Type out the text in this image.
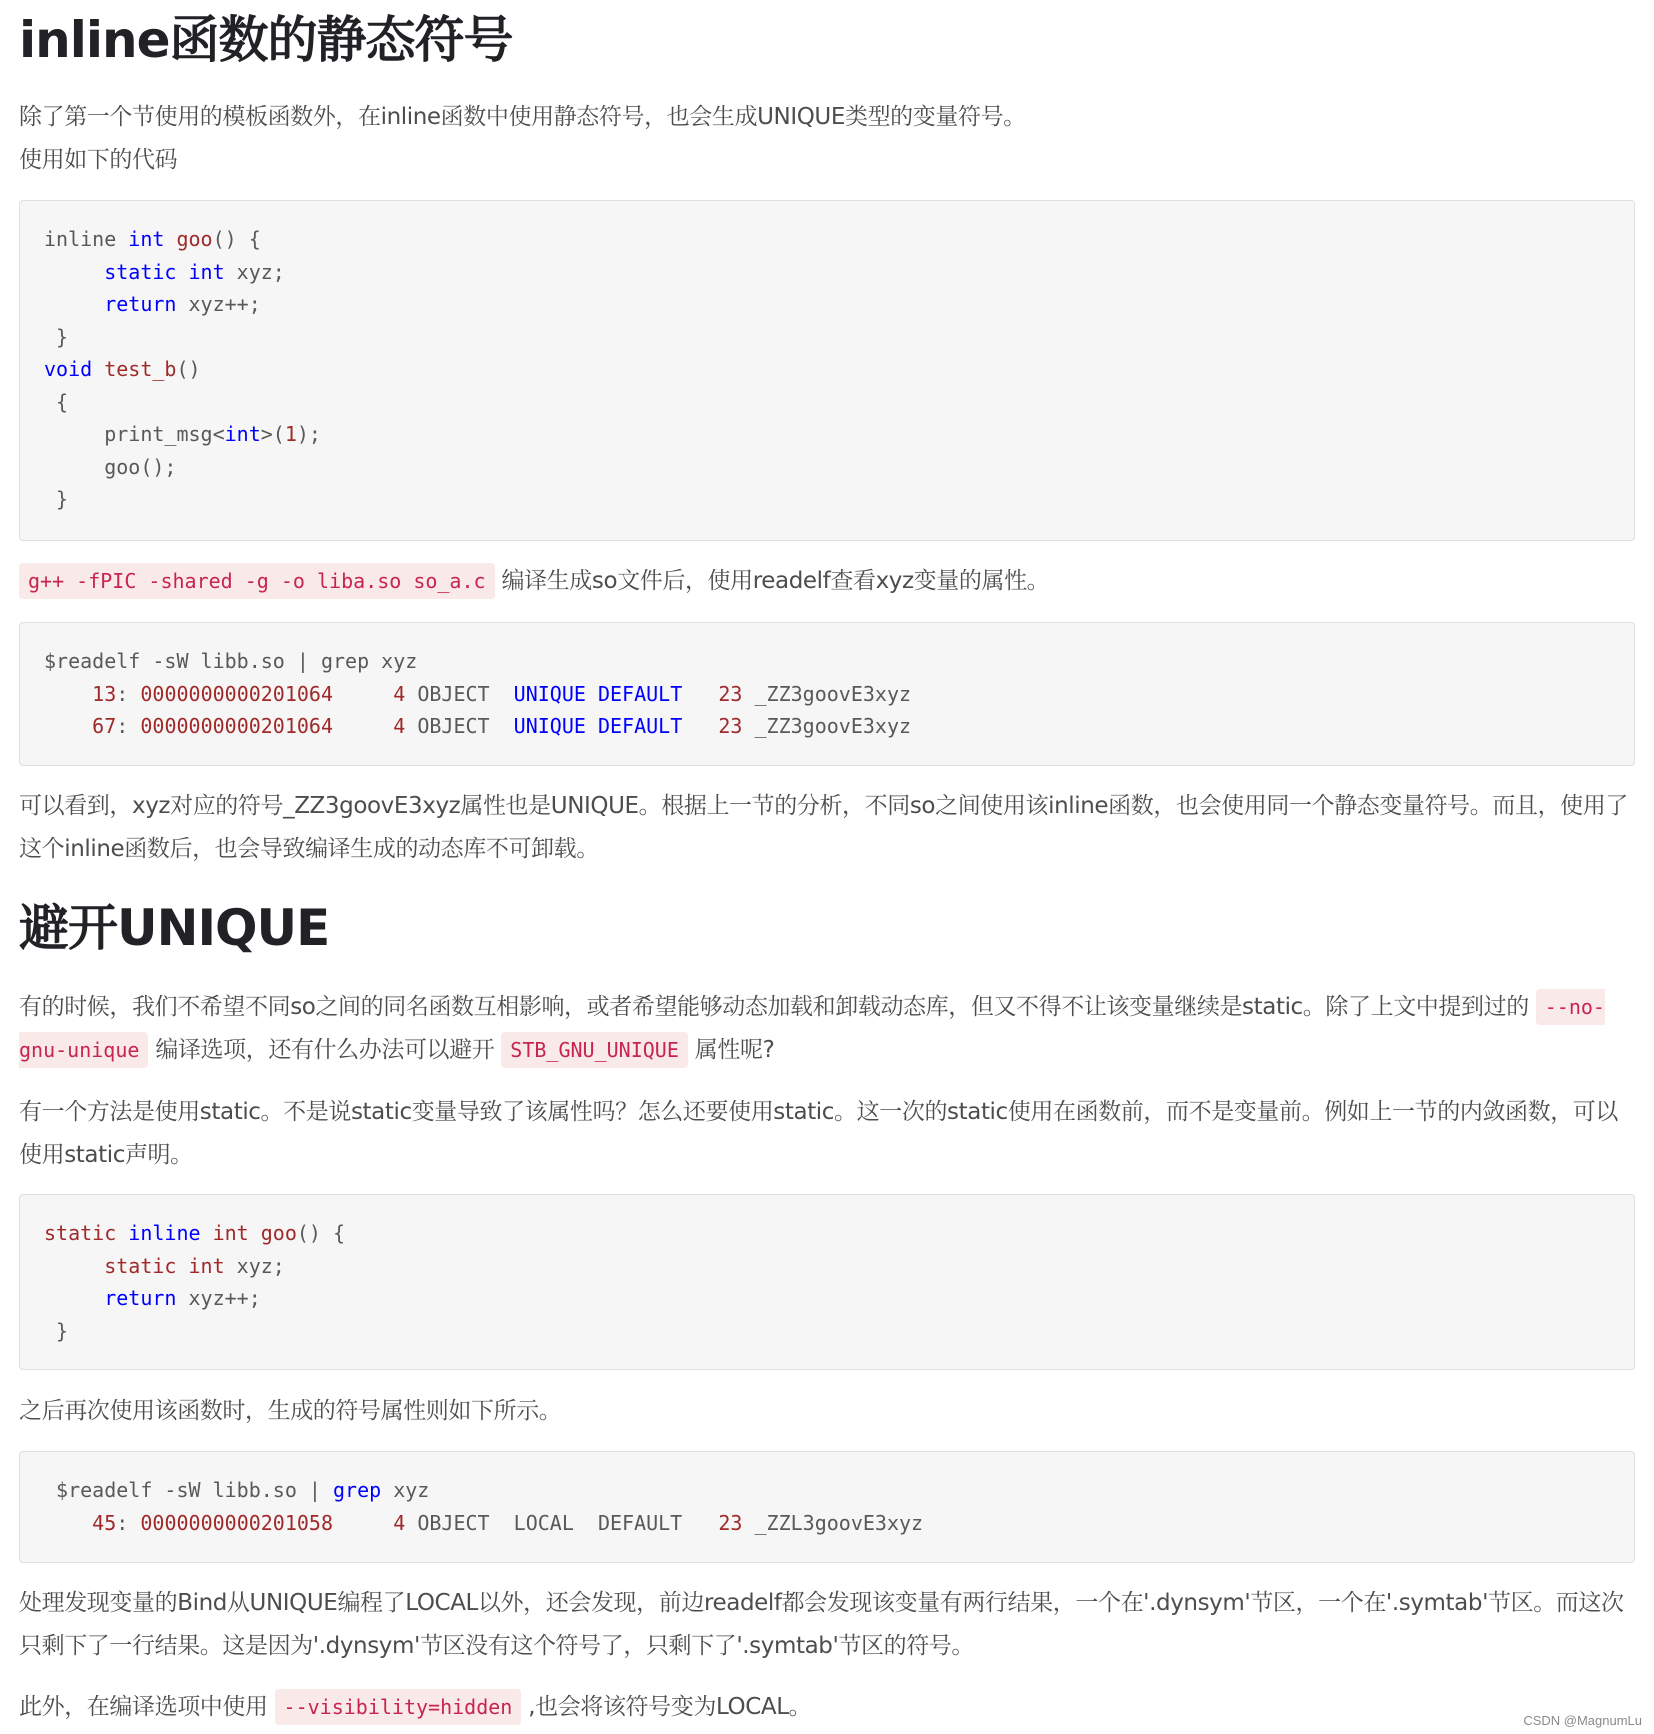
inline函数的静态符号

除了第一个节使用的模板函数外，在inline函数中使用静态符号，也会生成UNIQUE类型的变量符号。
使用如下的代码

inline int goo() {
static int xyz;
return xyz++;
}
void test_b()
{
print_msg<int>(1);
goo();
}

g++ -fPIC -shared -g -o liba.so so_a.c 编译生成so文件后，使用readelf查看xyz变量的属性。

$readelf -sW libb.so | grep xyz
13: 0000000000201064	4 OBJECT  UNIQUE DEFAULT 23 _ZZ3goovE3xyz
67: 0000000000201064	4 OBJECT  UNIQUE DEFAULT 23 _ZZ3goovE3xyz

可以看到，xyz对应的符号_ZZ3goovE3xyz属性也是UNIQUE。根据上一节的分析，不同so之间使用该inline函数，也会使用同一个静态变量符号。而且，使用了这个inline函数后，也会导致编译生成的动态库不可卸载。

避开UNIQUE

有的时候，我们不希望不同so之间的同名函数互相影响，或者希望能够动态加载和卸载动态库，但又不得不让该变量继续是static。除了上文中提到过的 --no-gnu-unique 编译选项，还有什么办法可以避开 STB_GNU_UNIQUE 属性呢?

有一个方法是使用static。不是说static变量导致了该属性吗？怎么还要使用static。这一次的static使用在函数前，而不是变量前。例如上一节的内敛函数，可以使用static声明。

static inline int goo() {
static int xyz;
return xyz++;
}

之后再次使用该函数时，生成的符号属性则如下所示。

$readelf -sW libb.so | grep xyz
45: 0000000000201058	4 OBJECT  LOCAL  DEFAULT   23 _ZZL3goovE3xyz

处理发现变量的Bind从UNIQUE编程了LOCAL以外，还会发现，前边readelf都会发现该变量有两行结果，一个在'.dynsym'节区，一个在'.symtab'节区。而这次只剩下了一行结果。这是因为'.dynsym'节区没有这个符号了，只剩下了'.symtab'节区的符号。

此外，在编译选项中使用 --visibility=hidden ,也会将该符号变为LOCAL。

CSDN @MagnumLu
